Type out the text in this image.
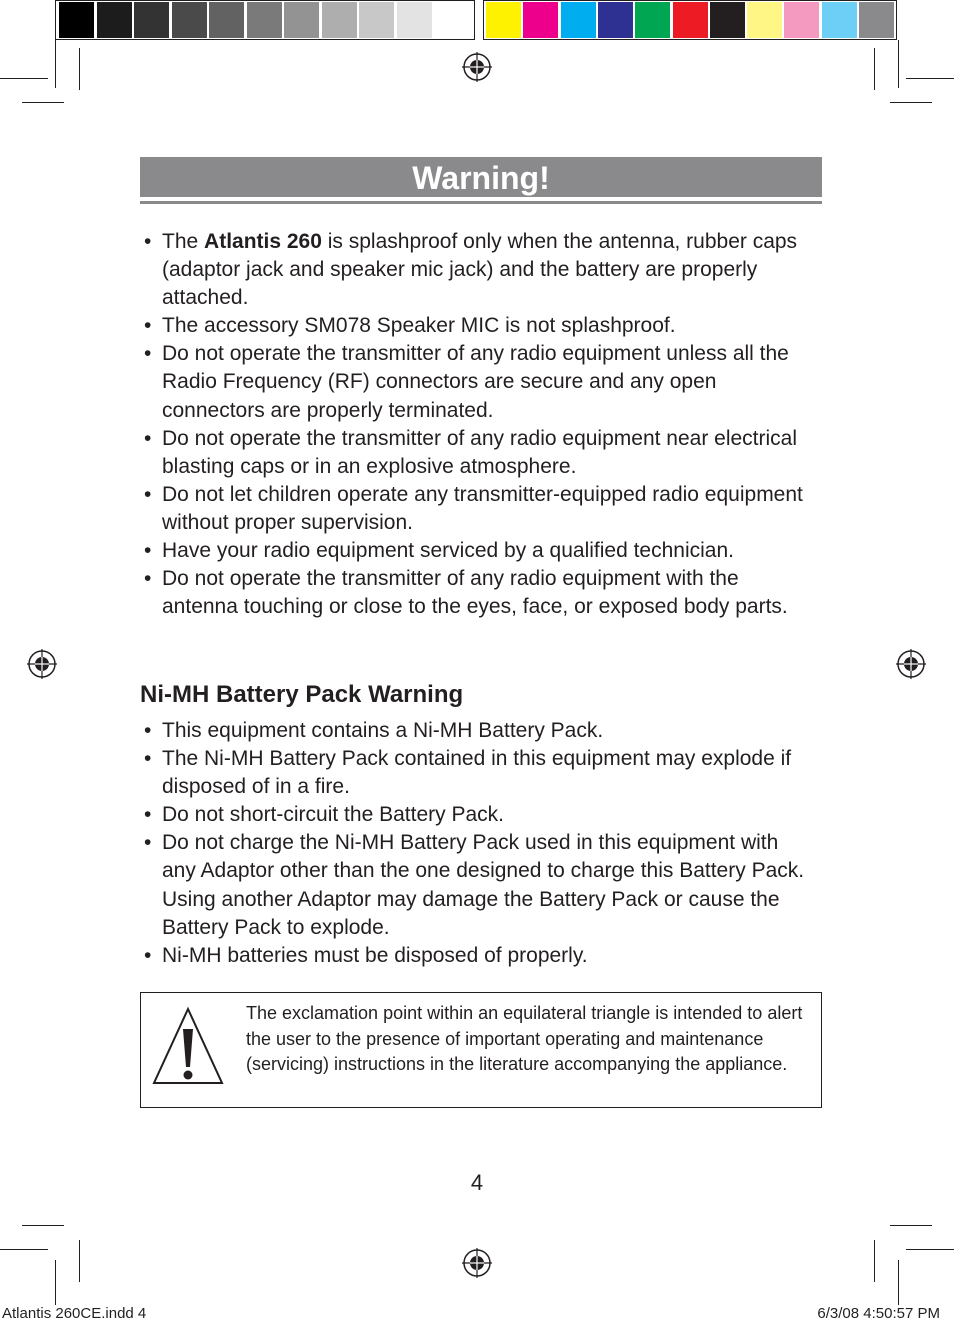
Warning!
• The Atlantis 260 is splashproof only when the antenna, rubber caps (adaptor jack and speaker mic jack) and the battery are properly attached.
• The accessory SM078 Speaker MIC is not splashproof.
• Do not operate the transmitter of any radio equipment unless all the Radio Frequency (RF) connectors are secure and any open connectors are properly terminated.
• Do not operate the transmitter of any radio equipment near electrical blasting caps or in an explosive atmosphere.
• Do not let children operate any transmitter-equipped radio equipment without proper supervision.
• Have your radio equipment serviced by a qualified technician.
• Do not operate the transmitter of any radio equipment with the antenna touching or close to the eyes, face, or exposed body parts.
Ni-MH Battery Pack Warning
• This equipment contains a Ni-MH Battery Pack.
• The Ni-MH Battery Pack contained in this equipment may explode if disposed of in a fire.
• Do not short-circuit the Battery Pack.
• Do not charge the Ni-MH Battery Pack used in this equipment with any Adaptor other than the one designed to charge this Battery Pack. Using another Adaptor may damage the Battery Pack or cause the Battery Pack to explode.
• Ni-MH batteries must be disposed of properly.
The exclamation point within an equilateral triangle is intended to alert the user to the presence of important operating and maintenance (servicing) instructions in the literature accompanying the appliance.
4
Atlantis 260CE.indd 4	6/3/08 4:50:57 PM
